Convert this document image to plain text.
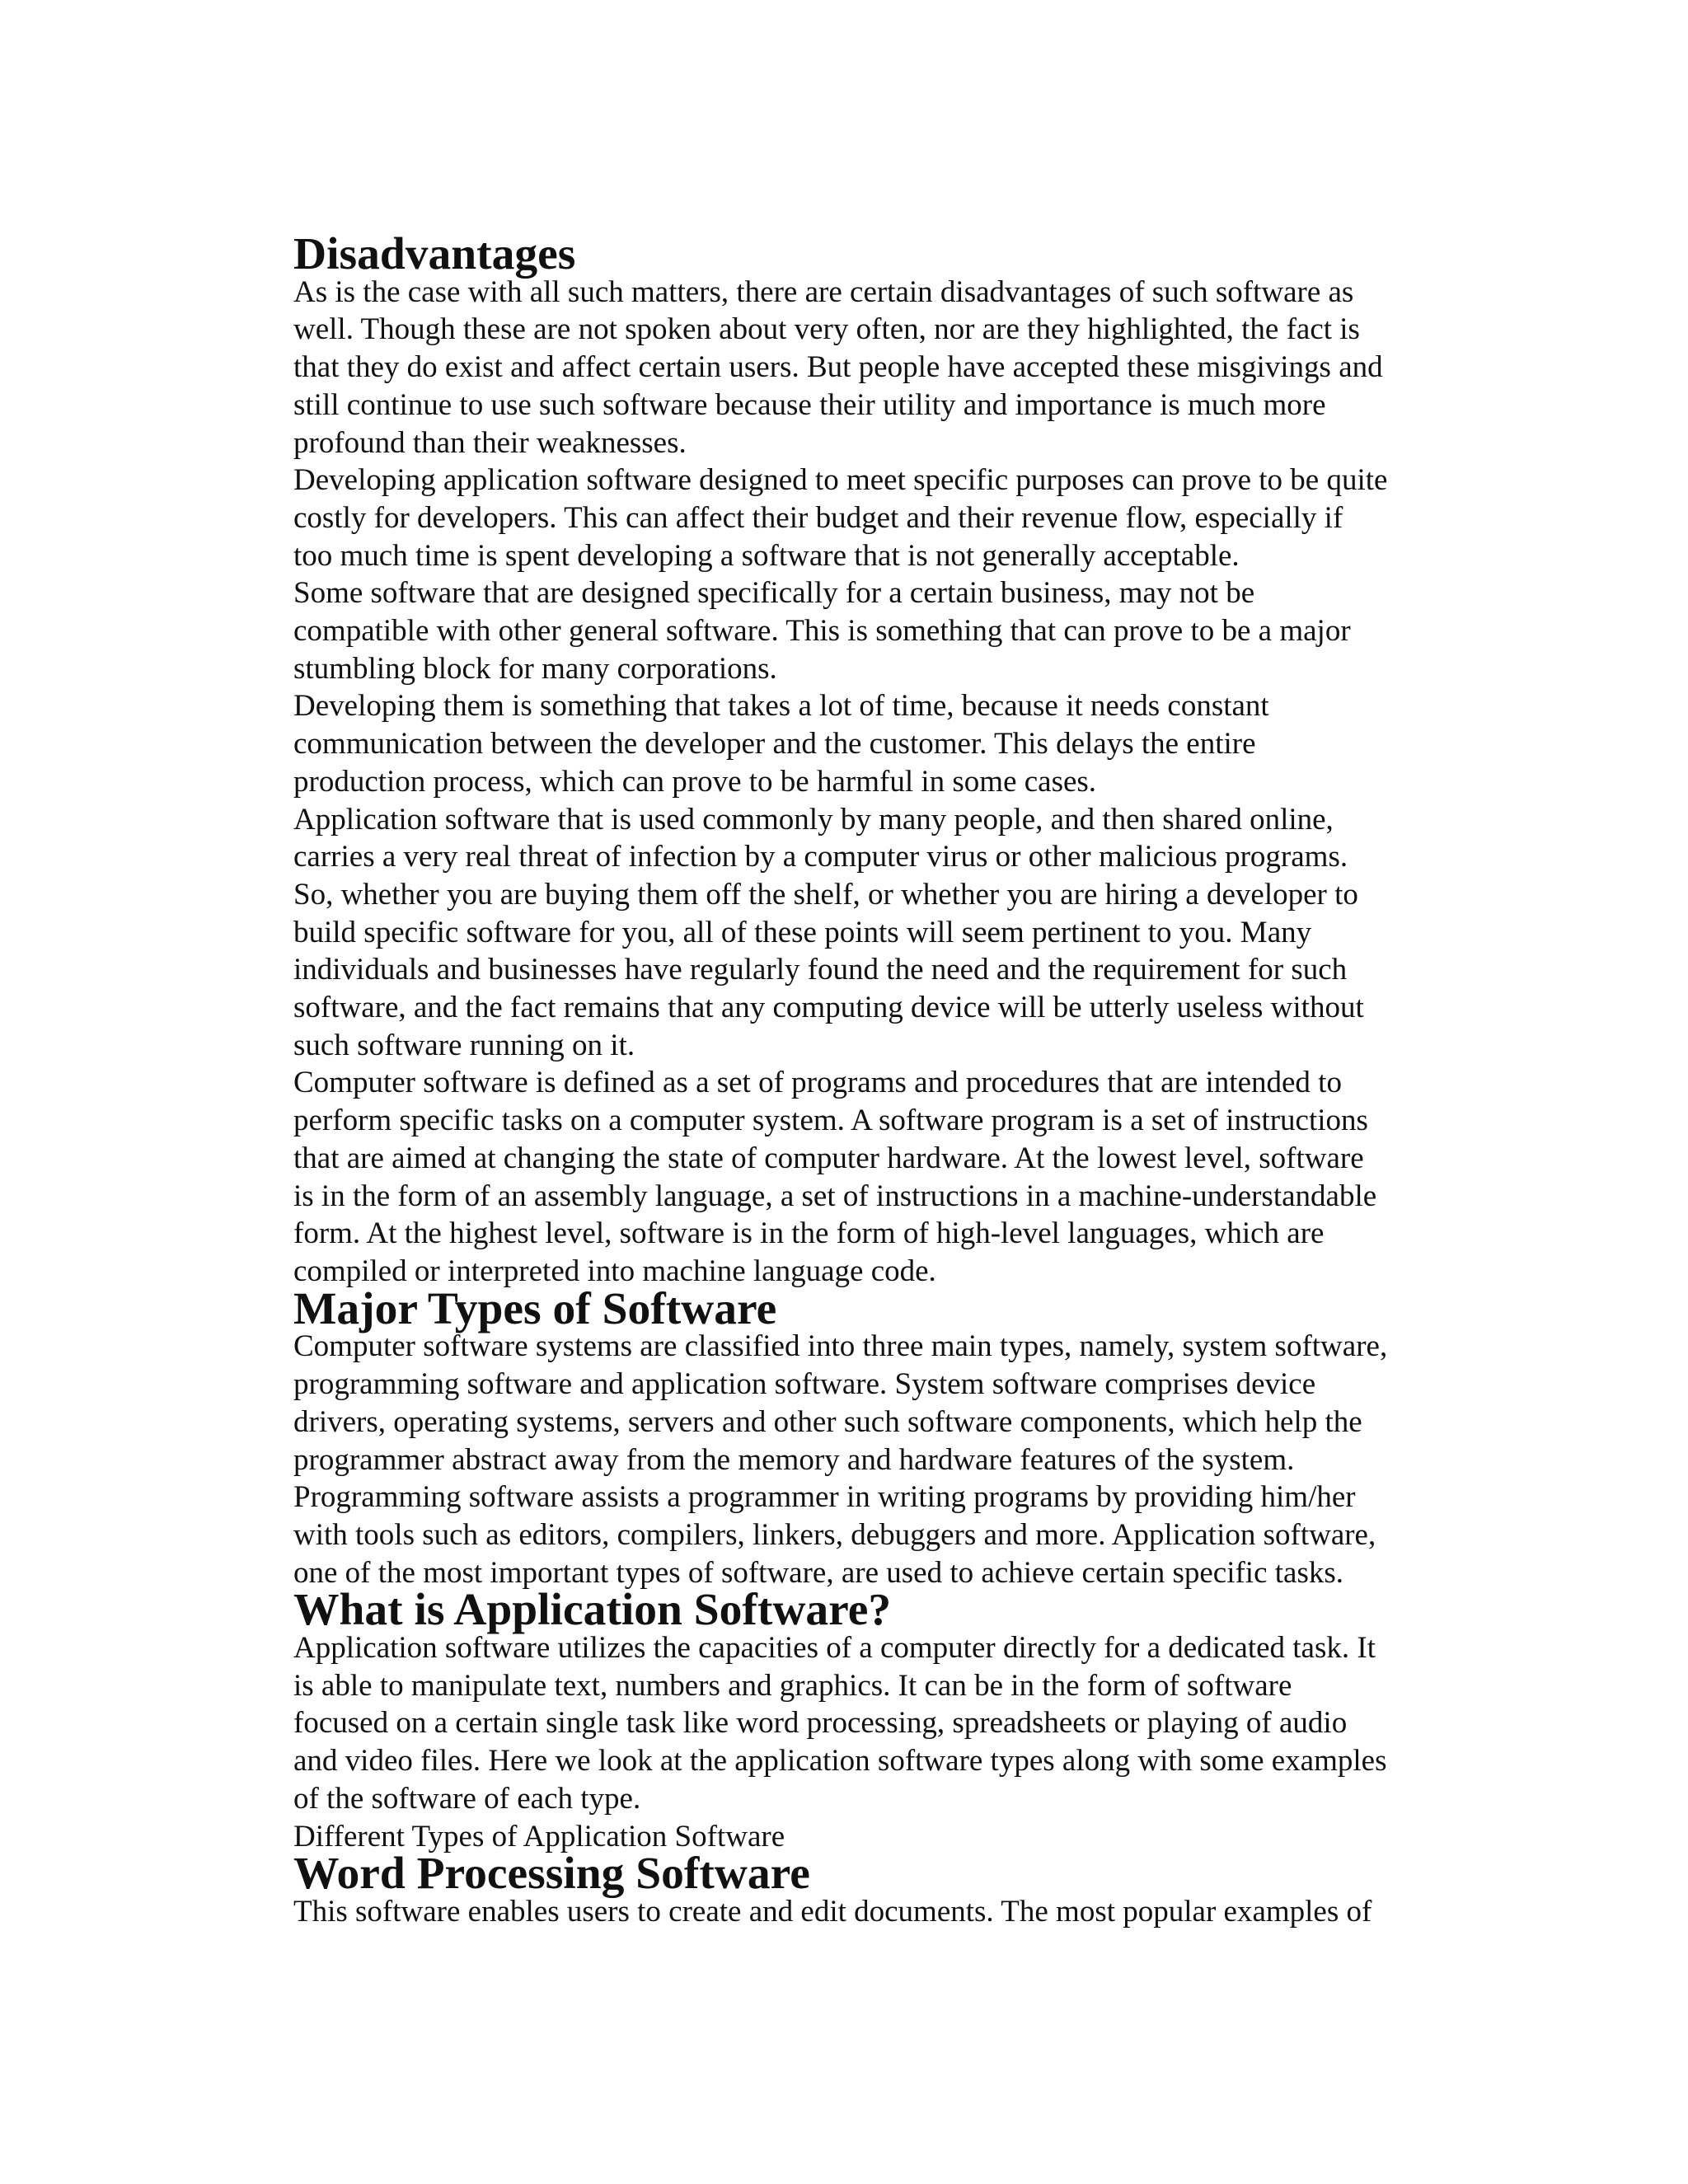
Disadvantages

As is the case with all such matters, there are certain disadvantages of such software as
well. Though these are not spoken about very often, nor are they highlighted, the fact is
that they do exist and affect certain users. But people have accepted these misgivings and
still continue to use such software because their utility and importance is much more
profound than their weaknesses.

Developing application software designed to meet specific purposes can prove to be quite
costly for developers. This can affect their budget and their revenue flow, especially if
too much time is spent developing a software that is not generally acceptable.

Some software that are designed specifically for a certain business, may not be
compatible with other general software. This is something that can prove to be a major
stumbling block for many corporations.

Developing them is something that takes a lot of time, because it needs constant
communication between the developer and the customer. This delays the entire
production process, which can prove to be harmful in some cases.

Application software that is used commonly by many people, and then shared online,
carries a very real threat of infection by a computer virus or other malicious programs.

So, whether you are buying them off the shelf, or whether you are hiring a developer to
build specific software for you, all of these points will seem pertinent to you. Many
individuals and businesses have regularly found the need and the requirement for such
software, and the fact remains that any computing device will be utterly useless without
such software running on it.

Computer software is defined as a set of programs and procedures that are intended to
perform specific tasks on a computer system. A software program is a set of instructions
that are aimed at changing the state of computer hardware. At the lowest level, software
is in the form of an assembly language, a set of instructions in a machine-understandable
form. At the highest level, software is in the form of high-level languages, which are
compiled or interpreted into machine language code.

Major Types of Software

Computer software systems are classified into three main types, namely, system software,
programming software and application software. System software comprises device
drivers, operating systems, servers and other such software components, which help the
programmer abstract away from the memory and hardware features of the system.
Programming software assists a programmer in writing programs by providing him/her
with tools such as editors, compilers, linkers, debuggers and more. Application software,
one of the most important types of software, are used to achieve certain specific tasks.

What is Application Software?

Application software utilizes the capacities of a computer directly for a dedicated task. It
is able to manipulate text, numbers and graphics. It can be in the form of software
focused on a certain single task like word processing, spreadsheets or playing of audio
and video files. Here we look at the application software types along with some examples
of the software of each type.

Different Types of Application Software

Word Processing Software

This software enables users to create and edit documents. The most popular examples of
